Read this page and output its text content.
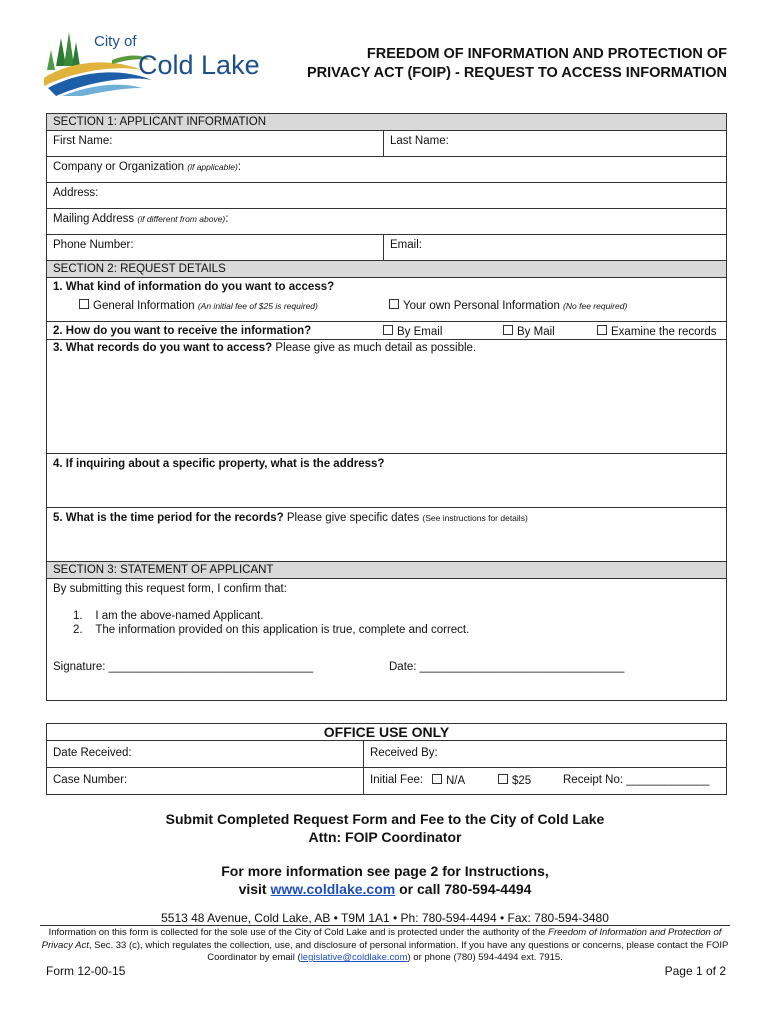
City of
Cold Lake	FREEDOM OF INFORMATION AND PROTECTION OF
PRIVACY ACT (FOIP) - REQUEST TO ACCESS INFORMATION
SECTION 1: APPLICANT INFORMATION	
First Name:	Last Name:
Company or Organization (if applicable):	
Address:	
Mailing Address (if different from above):	
Phone Number:	Email:
SECTION 2: REQUEST DETAILS	

1. What kind of information do you want to access?
General Information (An initial fee of $25 is required) Your own Personal Information (No fee required)	

2. How do you want to receive the information? By Email By Mail Examine the records	

3. What records do you want to access? Please give as much detail as possible.	
4. If inquiring about a specific property, what is the address?	
5. What is the time period for the records? Please give specific dates (See instructions for details)	
SECTION 3: STATEMENT OF APPLICANT	

By submitting this request form, I confirm that:
1.    I am the above-named Applicant.
2.    The information provided on this application is true, complete and correct.
Signature: ________________________________ Date: ________________________________	
OFFICE USE ONLY	
Date Received:	Received By:
Case Number:	Initial Fee: N/A $25 Receipt No: _____________
Submit Completed Request Form and Fee to the City of Cold Lake
Attn: FOIP Coordinator
For more information see page 2 for Instructions,
visit www.coldlake.com or call 780-594-4494
5513 48 Avenue, Cold Lake, AB • T9M 1A1 • Ph: 780-594-4494 • Fax: 780-594-3480
Information on this form is collected for the sole use of the City of Cold Lake and is protected under the authority of the Freedom of Information and Protection of Privacy Act, Sec. 33 (c), which regulates the collection, use, and disclosure of personal information. If you have any questions or concerns, please contact the FOIP Coordinator by email (legislative@coldlake.com) or phone (780) 594-4494 ext. 7915.
Form 12-00-15	Page 1 of 2
